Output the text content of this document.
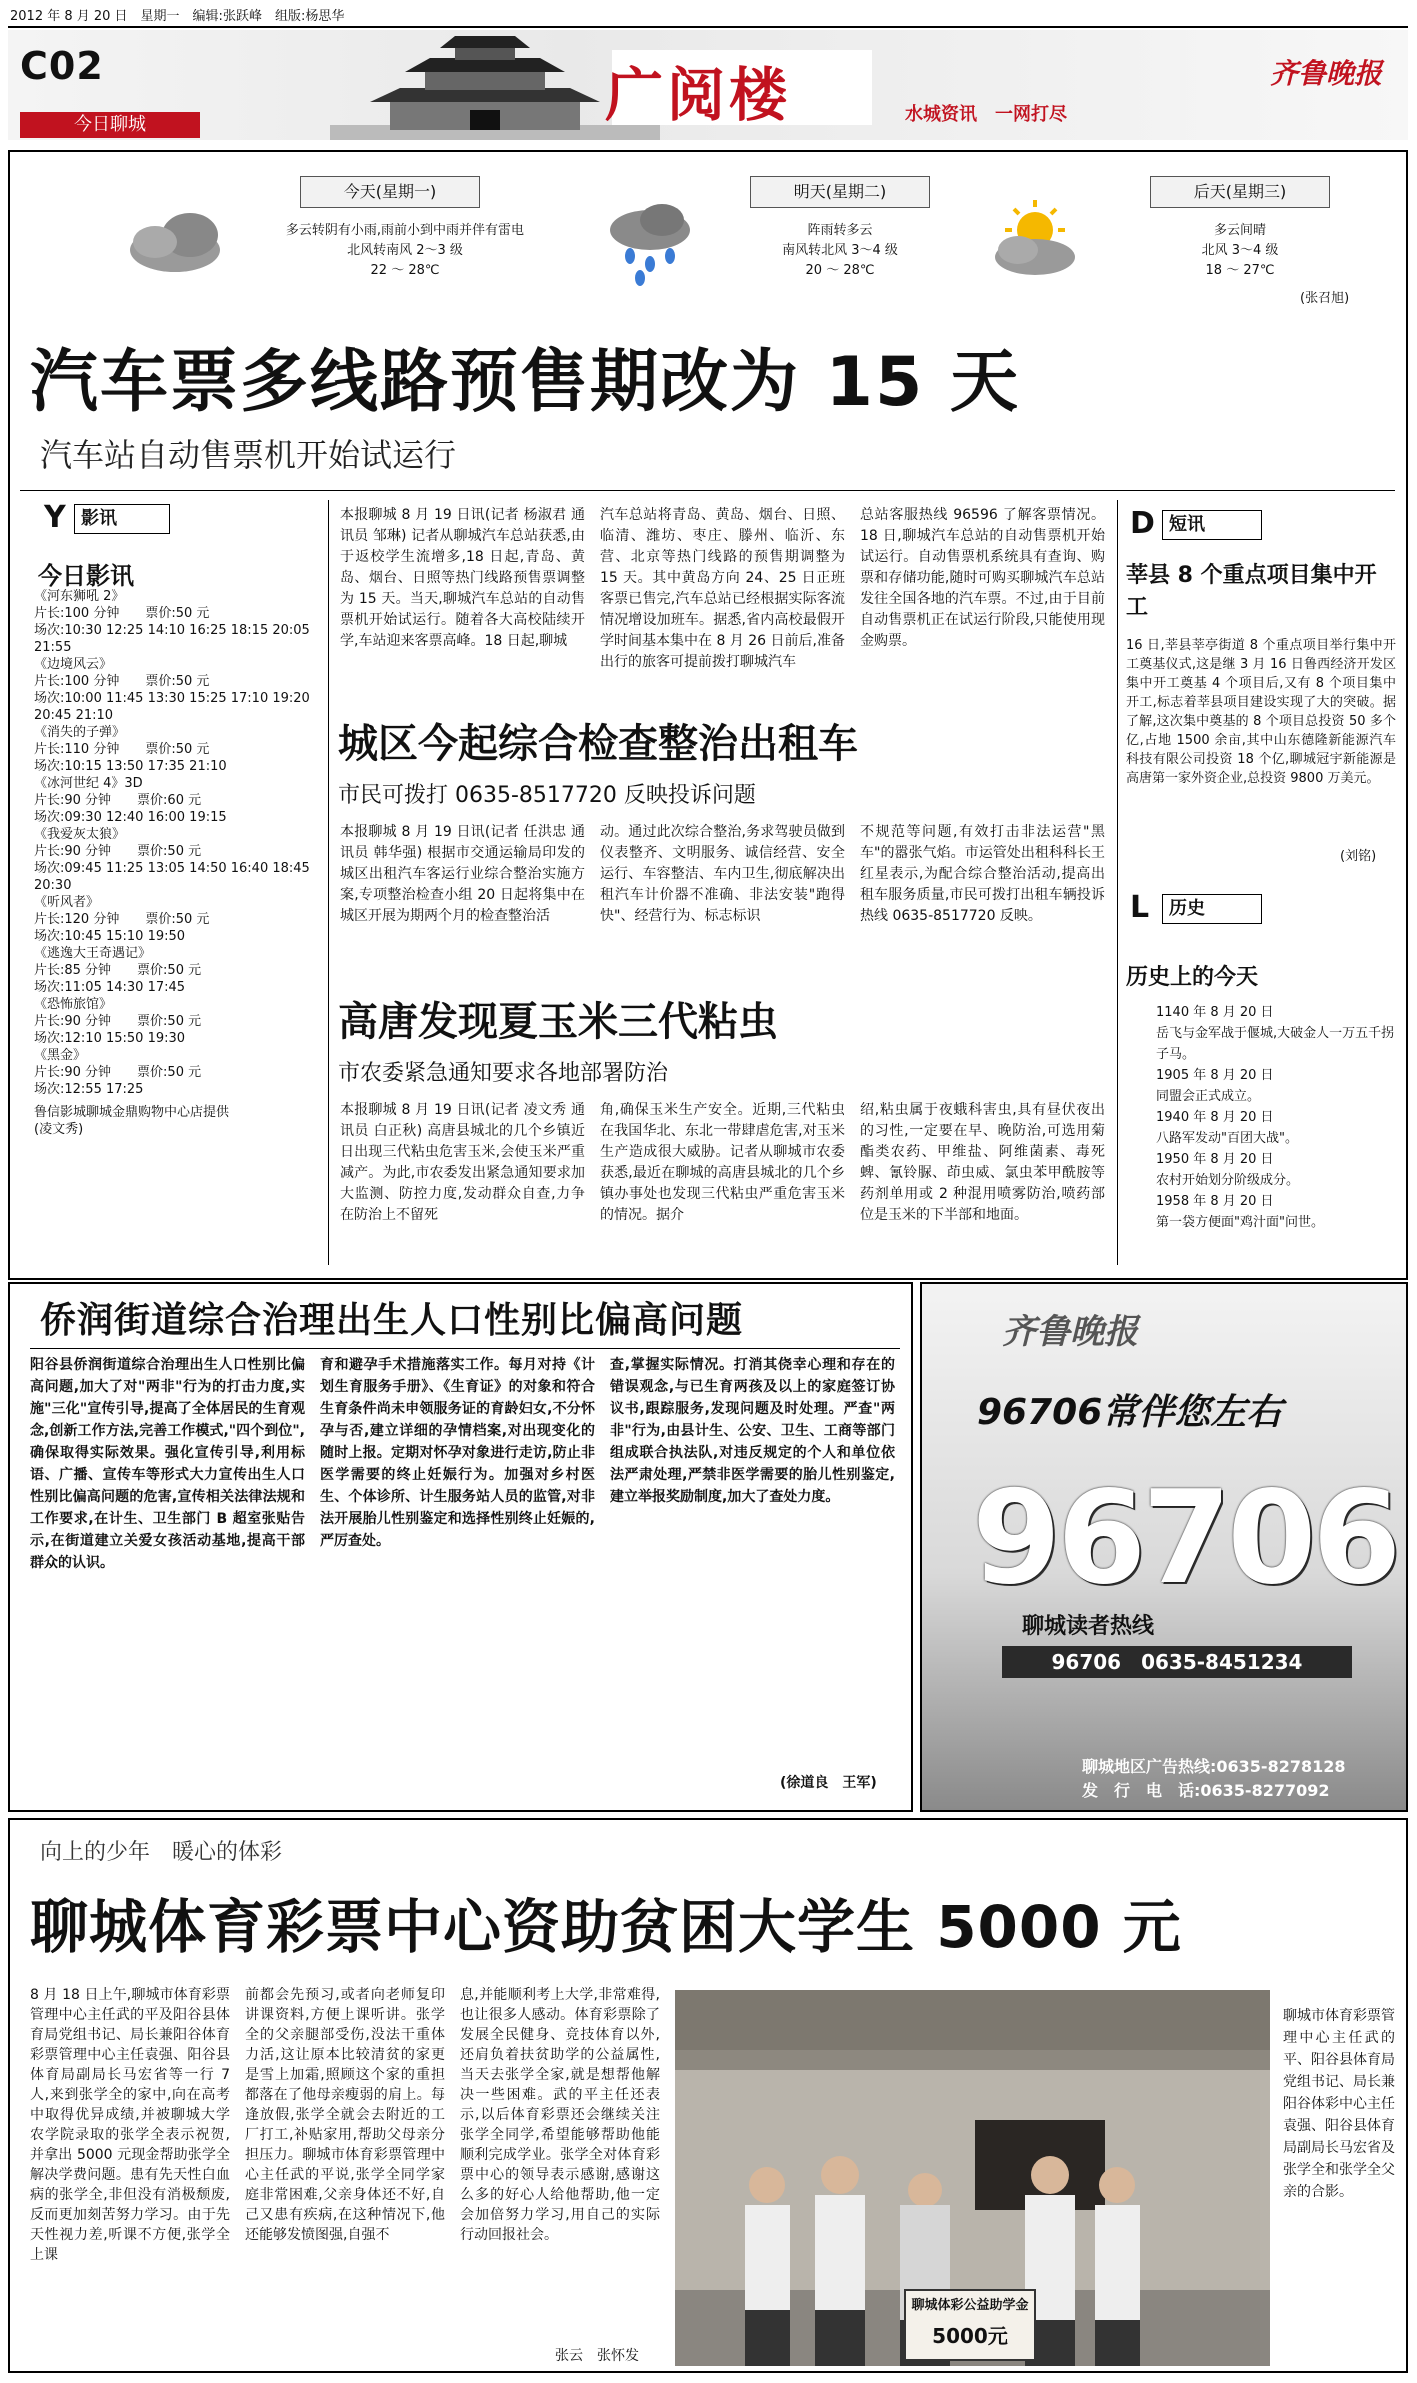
2012 年 8 月 20 日　星期一　编辑:张跃峰　组版:杨思华
C02
今日聊城	广阅楼	水城资讯　一网打尽
齐鲁晚报
今天(星期一)
多云转阴有小雨,雨前小到中雨并伴有雷电
北风转南风 2～3 级
22 ～ 28℃
明天(星期二)
阵雨转多云
南风转北风 3～4 级
20 ～ 28℃
后天(星期三)
多云间晴
北风 3～4 级
18 ～ 27℃
(张召旭)
汽车票多线路预售期改为 15 天
汽车站自动售票机开始试运行
Y 影讯
今日影讯
《河东狮吼 2》
片长:100 分钟　　票价:50 元
场次:10:30 12:25 14:10 16:25 18:15 20:05 21:55
《边境风云》
片长:100 分钟　　票价:50 元
场次:10:00 11:45 13:30 15:25 17:10 19:20 20:45 21:10
《消失的子弹》
片长:110 分钟　　票价:50 元
场次:10:15 13:50 17:35 21:10
《冰河世纪 4》3D
片长:90 分钟　　票价:60 元
场次:09:30 12:40 16:00 19:15
《我爱灰太狼》
片长:90 分钟　　票价:50 元
场次:09:45 11:25 13:05 14:50 16:40 18:45 20:30
《听风者》
片长:120 分钟　　票价:50 元
场次:10:45 15:10 19:50
《逃逸大王奇遇记》
片长:85 分钟　　票价:50 元
场次:11:05 14:30 17:45
《恐怖旅馆》
片长:90 分钟　　票价:50 元
场次:12:10 15:50 19:30
《黑金》
片长:90 分钟　　票价:50 元
场次:12:55 17:25
鲁信影城聊城金鼎购物中心店提供　　　　　　(凌文秀)
本报聊城 8 月 19 日讯(记者 杨淑君 通讯员 邹琳) 记者从聊城汽车总站获悉,由于返校学生流增多,18 日起,青岛、黄岛、烟台、日照等热门线路预售票调整为 15 天。当天,聊城汽车总站的自动售票机开始试运行。随着各大高校陆续开学,车站迎来客票高峰。18 日起,聊城
汽车总站将青岛、黄岛、烟台、日照、临清、潍坊、枣庄、滕州、临沂、东营、北京等热门线路的预售期调整为 15 天。其中黄岛方向 24、25 日正班客票已售完,汽车总站已经根据实际客流情况增设加班车。据悉,省内高校最假开学时间基本集中在 8 月 26 日前后,准备出行的旅客可提前拨打聊城汽车
总站客服热线 96596 了解客票情况。18 日,聊城汽车总站的自动售票机开始试运行。自动售票机系统具有查询、购票和存储功能,随时可购买聊城汽车总站发往全国各地的汽车票。不过,由于目前自动售票机正在试运行阶段,只能使用现金购票。
城区今起综合检查整治出租车
市民可拨打 0635-8517720 反映投诉问题
本报聊城 8 月 19 日讯(记者 任洪忠 通讯员 韩华强) 根据市交通运输局印发的城区出租汽车客运行业综合整治实施方案,专项整治检查小组 20 日起将集中在城区开展为期两个月的检查整治活
动。通过此次综合整治,务求驾驶员做到仪表整齐、文明服务、诚信经营、安全运行、车容整洁、车内卫生,彻底解决出租汽车计价器不准确、非法安装"跑得快"、经营行为、标志标识
不规范等问题,有效打击非法运营"黑车"的嚣张气焰。市运管处出租科科长王红星表示,为配合综合整治活动,提高出租车服务质量,市民可拨打出租车辆投诉热线 0635-8517720 反映。
高唐发现夏玉米三代粘虫
市农委紧急通知要求各地部署防治
本报聊城 8 月 19 日讯(记者 凌文秀 通讯员 白正秋) 高唐县城北的几个乡镇近日出现三代粘虫危害玉米,会使玉米严重减产。为此,市农委发出紧急通知要求加大监测、防控力度,发动群众自查,力争在防治上不留死
角,确保玉米生产安全。近期,三代粘虫在我国华北、东北一带肆虐危害,对玉米生产造成很大威胁。记者从聊城市农委获悉,最近在聊城的高唐县城北的几个乡镇办事处也发现三代粘虫严重危害玉米的情况。据介
绍,粘虫属于夜蛾科害虫,具有昼伏夜出的习性,一定要在早、晚防治,可选用菊酯类农药、甲维盐、阿维菌素、毒死蜱、氰铃脲、茚虫威、氯虫苯甲酰胺等药剂单用或 2 种混用喷雾防治,喷药部位是玉米的下半部和地面。
D 短讯
莘县 8 个重点项目集中开工
16 日,莘县莘亭街道 8 个重点项目举行集中开工奠基仪式,这是继 3 月 16 日鲁西经济开发区集中开工奠基 4 个项目后,又有 8 个项目集中开工,标志着莘县项目建设实现了大的突破。据了解,这次集中奠基的 8 个项目总投资 50 多个亿,占地 1500 余亩,其中山东德隆新能源汽车科技有限公司投资 18 个亿,聊城冠宇新能源是高唐第一家外资企业,总投资 9800 万美元。
(刘铭)
L	历史
历史上的今天
1140 年 8 月 20 日
岳飞与金军战于偃城,大破金人一万五千拐子马。
1905 年 8 月 20 日
同盟会正式成立。
1940 年 8 月 20 日
八路军发动"百团大战"。
1950 年 8 月 20 日
农村开始划分阶级成分。
1958 年 8 月 20 日
第一袋方便面"鸡汁面"问世。
侨润街道综合治理出生人口性别比偏高问题
阳谷县侨润街道综合治理出生人口性别比偏高问题,加大了对"两非"行为的打击力度,实施"三化"宣传引导,提高了全体居民的生育观念,创新工作方法,完善工作模式,"四个到位",确保取得实际效果。强化宣传引导,利用标语、广播、宣传车等形式大力宣传出生人口性别比偏高问题的危害,宣传相关法律法规和工作要求,在计生、卫生部门 B 超室张贴告示,在街道建立关爱女孩活动基地,提高干部群众的认识。
育和避孕手术措施落实工作。每月对持《计划生育服务手册》、《生育证》的对象和符合生育条件尚未申领服务证的育龄妇女,不分怀孕与否,建立详细的孕情档案,对出现变化的随时上报。定期对怀孕对象进行走访,防止非医学需要的终止妊娠行为。加强对乡村医生、个体诊所、计生服务站人员的监管,对非法开展胎儿性别鉴定和选择性别终止妊娠的,严厉查处。
查,掌握实际情况。打消其侥幸心理和存在的错误观念,与已生育两孩及以上的家庭签订协议书,跟踪服务,发现问题及时处理。严查"两非"行为,由县计生、公安、卫生、工商等部门组成联合执法队,对违反规定的个人和单位依法严肃处理,严禁非医学需要的胎儿性别鉴定,建立举报奖励制度,加大了查处力度。
(徐道良　王军)
齐鲁晚报
96706常伴您左右
96706
聊城读者热线
96706　0635-8451234
聊城地区广告热线:0635-8278128
发　行　电　话:0635-8277092
向上的少年　暖心的体彩
聊城体育彩票中心资助贫困大学生 5000 元
8 月 18 日上午,聊城市体育彩票管理中心主任武的平及阳谷县体育局党组书记、局长兼阳谷体育彩票管理中心主任袁强、阳谷县体育局副局长马宏省等一行 7 人,来到张学全的家中,向在高考中取得优异成绩,并被聊城大学农学院录取的张学全表示祝贺,并拿出 5000 元现金帮助张学全解决学费问题。患有先天性白血病的张学全,非但没有消极颓废,反而更加刻苦努力学习。由于先天性视力差,听课不方便,张学全上课
前都会先预习,或者向老师复印讲课资料,方便上课听讲。张学全的父亲腿部受伤,没法干重体力活,这让原本比较清贫的家更是雪上加霜,照顾这个家的重担都落在了他母亲瘦弱的肩上。每逢放假,张学全就会去附近的工厂打工,补贴家用,帮助父母亲分担压力。聊城市体育彩票管理中心主任武的平说,张学全同学家庭非常困难,父亲身体还不好,自己又患有疾病,在这种情况下,他还能够发愤图强,自强不
息,并能顺利考上大学,非常难得,也让很多人感动。体育彩票除了发展全民健身、竞技体育以外,还肩负着扶贫助学的公益属性,当天去张学全家,就是想帮他解决一些困难。武的平主任还表示,以后体育彩票还会继续关注张学全同学,希望能够帮助他能顺利完成学业。张学全对体育彩票中心的领导表示感谢,感谢这么多的好心人给他帮助,他一定会加倍努力学习,用自己的实际行动回报社会。
张云　张怀发
聊城体彩公益助学金
5000元
聊城市体育彩票管理中心主任武的平、阳谷县体育局党组书记、局长兼阳谷体彩中心主任袁强、阳谷县体育局副局长马宏省及张学全和张学全父亲的合影。
